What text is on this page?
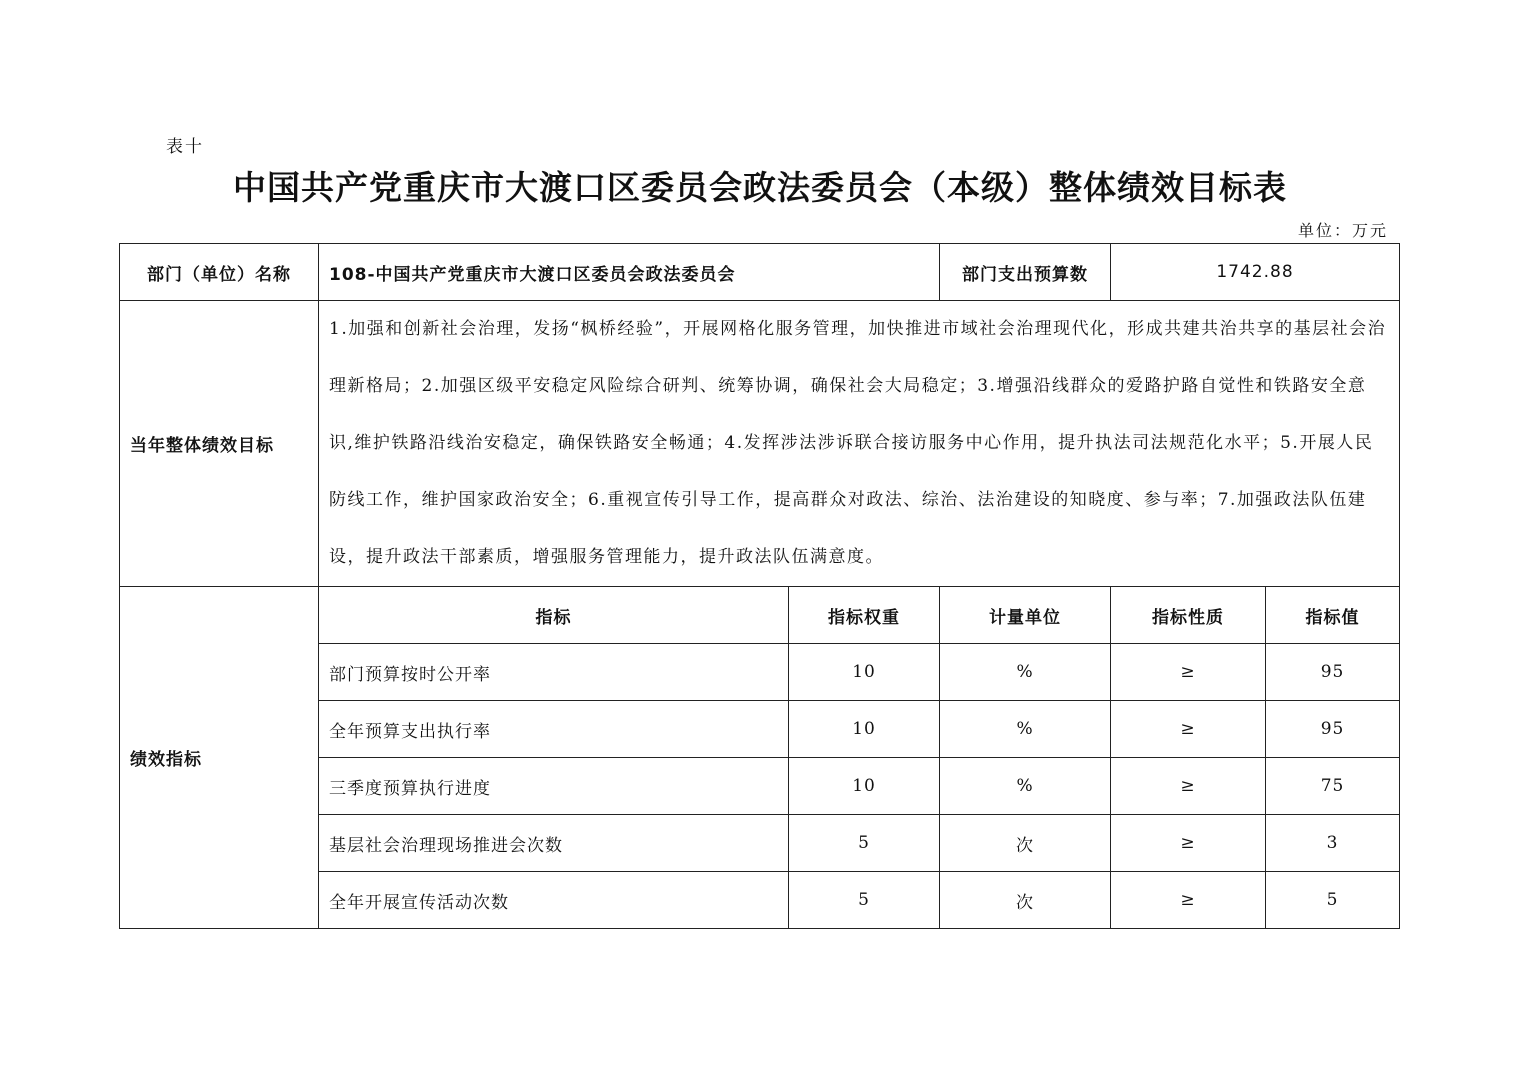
表十
中国共产党重庆市大渡口区委员会政法委员会（本级）整体绩效目标表
单位：万元
部门（单位）名称	108-中国共产党重庆市大渡口区委员会政法委员会		部门支出预算数	1742.88	
当年整体绩效目标	1.加强和创新社会治理，发扬“枫桥经验”，开展网格化服务管理，加快推进市域社会治理现代化，形成共建共治共享的基层社会治理新格局；2.加强区级平安稳定风险综合研判、统筹协调，确保社会大局稳定；3.增强沿线群众的爱路护路自觉性和铁路安全意识,维护铁路沿线治安稳定，确保铁路安全畅通；4.发挥涉法涉诉联合接访服务中心作用，提升执法司法规范化水平；5.开展人民防线工作，维护国家政治安全；6.重视宣传引导工作，提高群众对政法、综治、法治建设的知晓度、参与率；7.加强政法队伍建设，提升政法干部素质，增强服务管理能力，提升政法队伍满意度。				
绩效指标	指标	指标权重	计量单位	指标性质	指标值
	部门预算按时公开率	10	%	≥	95
	全年预算支出执行率	10	%	≥	95
	三季度预算执行进度	10	%	≥	75
	基层社会治理现场推进会次数	5	次	≥	3
	全年开展宣传活动次数	5	次	≥	5
